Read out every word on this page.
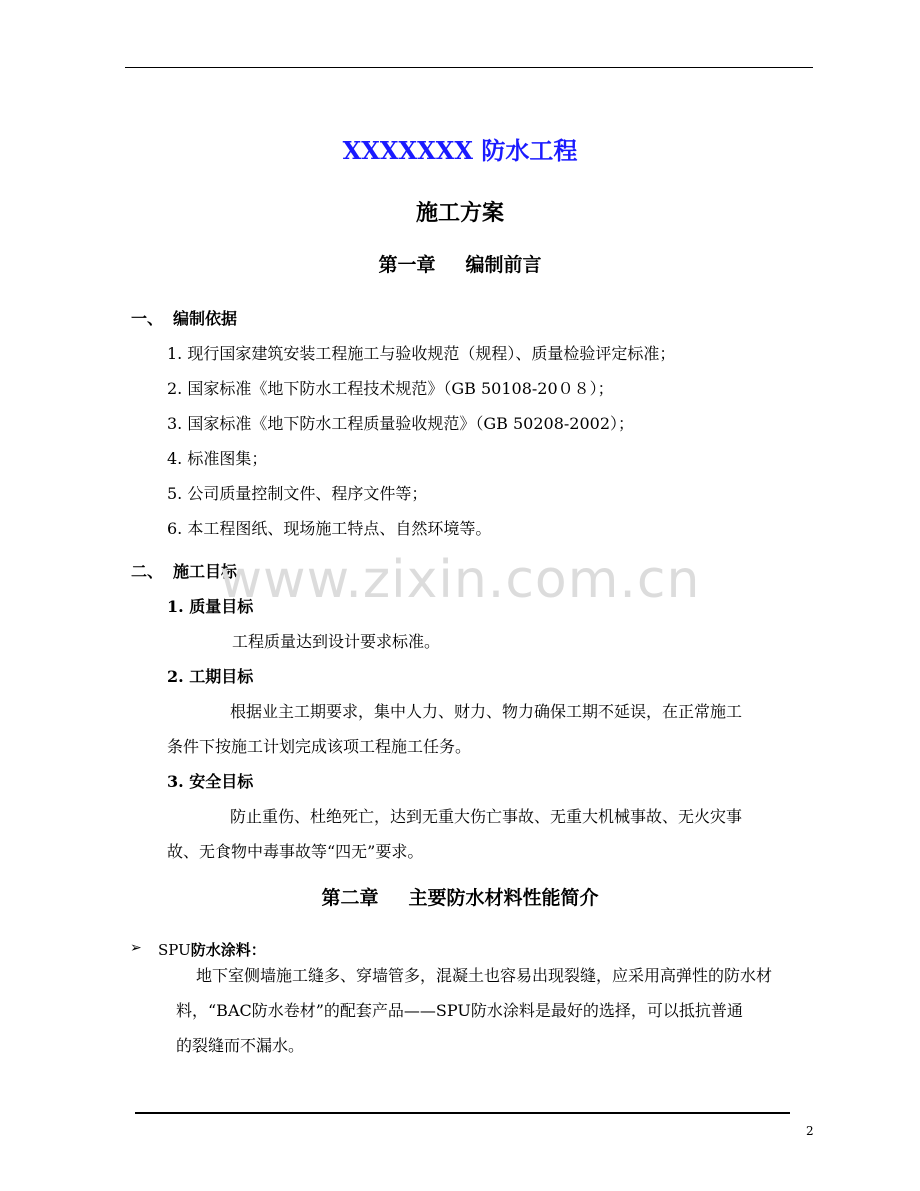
XXXXXXX 防水工程
施工方案
第一章 编制前言
一、 编制依据
1. 现行国家建筑安装工程施工与验收规范（规程）、质量检验评定标准；
2. 国家标准《地下防水工程技术规范》（GB 50108-20０８）；
3. 国家标准《地下防水工程质量验收规范》（GB 50208-2002）；
4. 标准图集；
5. 公司质量控制文件、程序文件等；
6. 本工程图纸、现场施工特点、自然环境等。
二、 施工目标
www.zixin.com.cn
1. 质量目标
工程质量达到设计要求标准。
2. 工期目标
根据业主工期要求，集中人力、财力、物力确保工期不延误，在正常施工
条件下按施工计划完成该项工程施工任务。
3. 安全目标
防止重伤、杜绝死亡，达到无重大伤亡事故、无重大机械事故、无火灾事
故、无食物中毒事故等“四无”要求。
第二章 主要防水材料性能简介
➢ SPU防水涂料：
地下室侧墙施工缝多、穿墙管多，混凝土也容易出现裂缝，应采用高弹性的防水材
料，“BAC防水卷材”的配套产品——SPU防水涂料是最好的选择，可以抵抗普通
的裂缝而不漏水。
2
